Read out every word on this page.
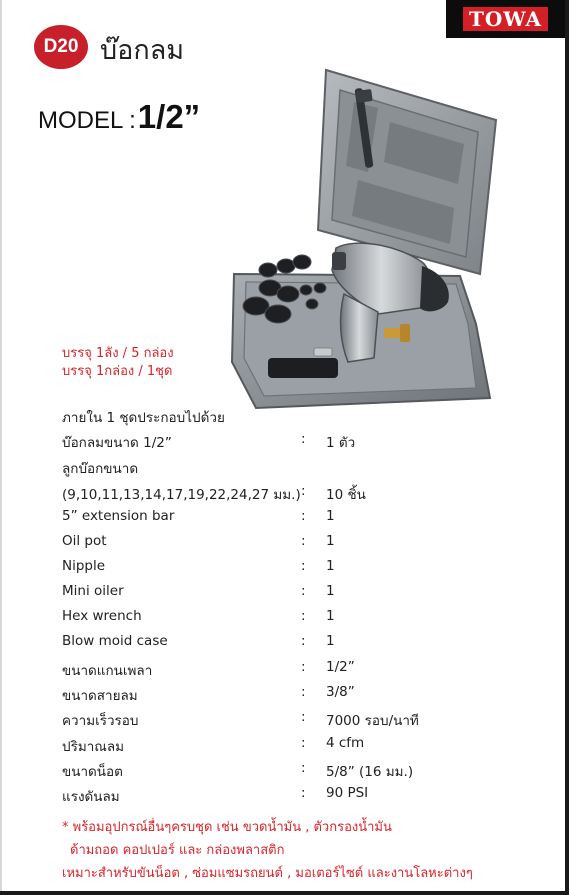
TOWA
D20 บ๊อกลม
MODEL : 1/2”
บรรจุ 1ลัง / 5 กล่อง
บรรจุ 1กล่อง / 1ชุด
ภายใน 1 ชุดประกอบไปด้วย
บ๊อกลมขนาด 1/2”	: 1 ตัว
ลูกบ๊อกขนาด
(9,10,11,13,14,17,19,22,24,27 มม.) : 10 ชิ้น
5” extension bar	: 1
Oil pot	: 1
Nipple	: 1
Mini oiler	: 1
Hex wrench	: 1
Blow moid case	: 1
ขนาดแกนเพลา	: 1/2”
ขนาดสายลม	: 3/8”
ความเร็วรอบ	: 7000 รอบ/นาที
ปริมาณลม	: 4 cfm
ขนาดน็อต	: 5/8” (16 มม.)
แรงดันลม	: 90 PSI
* พร้อมอุปกรณ์อื่นๆครบชุด เช่น ขวดน้ำมัน , ตัวกรองน้ำมัน
ด้ามถอด คอปเปอร์ และ กล่องพลาสติก
เหมาะสำหรับขันน็อต , ซ่อมแซมรถยนต์ , มอเตอร์ไซต์ และงานโลหะต่างๆ
